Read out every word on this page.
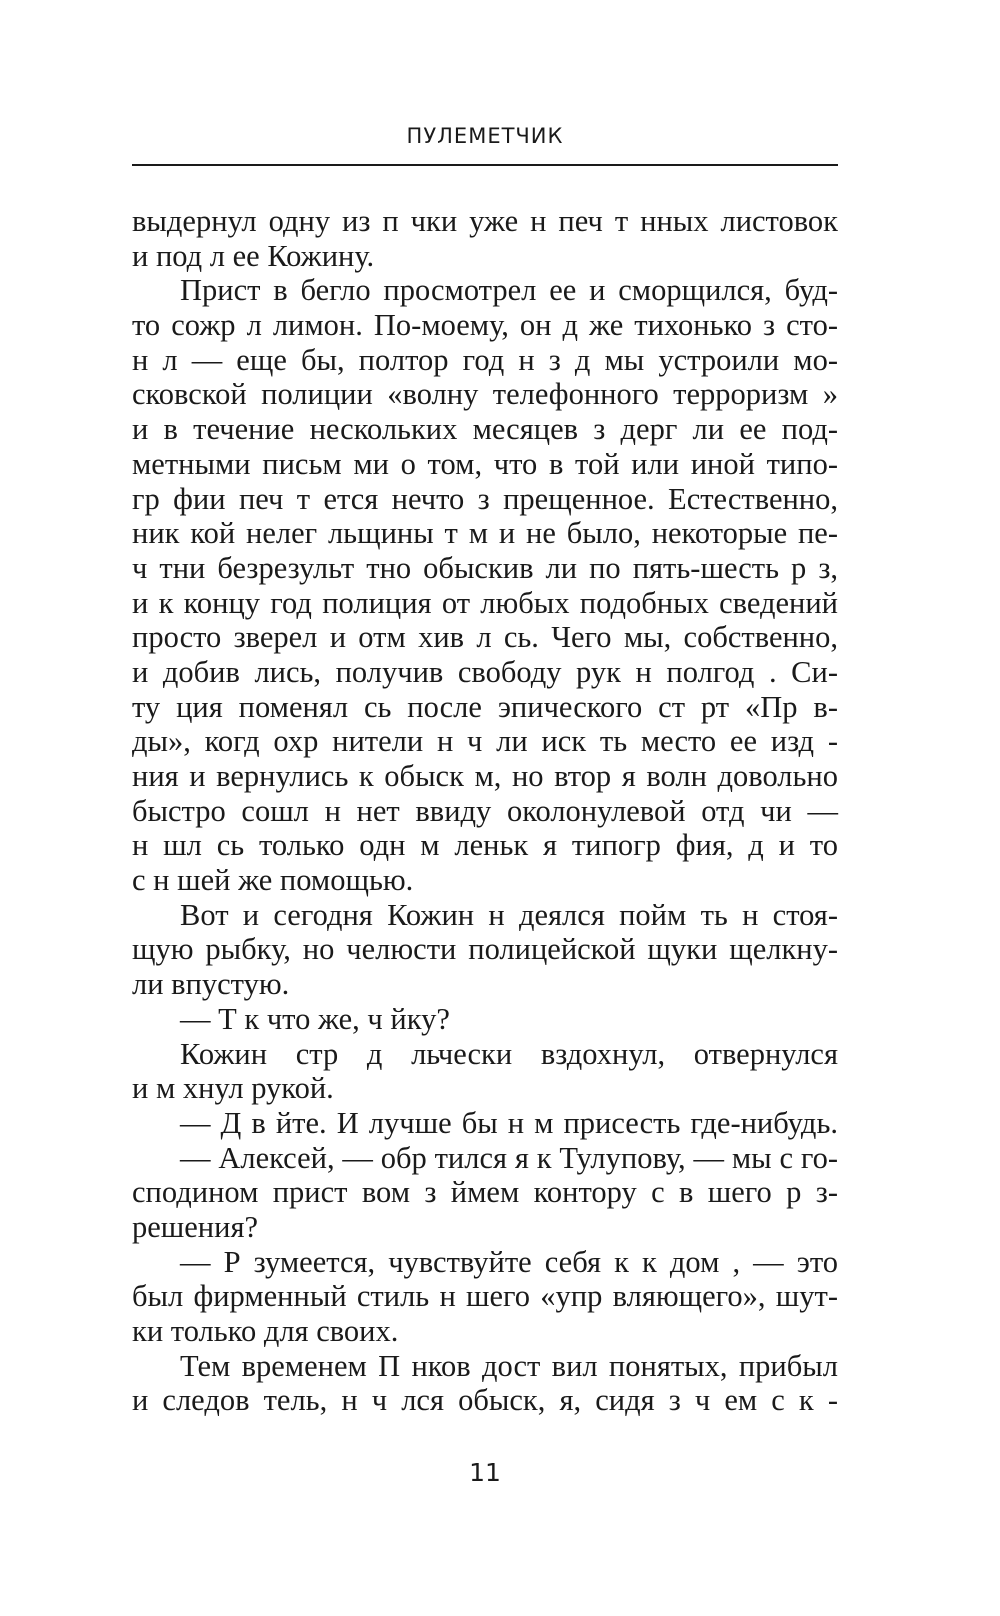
ПУЛЕМЕТЧИК
выдернул одну из п чки уже н печ т нных листовок
и под л ее Кожину.
Прист в бегло просмотрел ее и сморщился, буд-
то сожр л лимон. По-моему, он д же тихонько з сто-
н л — еще бы, полтор год н з д мы устроили мо-
сковской полиции «волну телефонного терроризм »
и в течение нескольких месяцев з дерг ли ее под-
метными письм ми о том, что в той или иной типо-
гр фии печ т ется нечто з прещенное. Естественно,
ник кой нелег льщины т м и не было, некоторые пе-
ч тни безрезульт тно обыскив ли по пять-шесть р з,
и к концу год полиция от любых подобных сведений
просто зверел и отм хив л сь. Чего мы, собственно,
и добив лись, получив свободу рук н полгод . Си-
ту ция поменял сь после эпического ст рт «Пр в-
ды», когд охр нители н ч ли иск ть место ее изд -
ния и вернулись к обыск м, но втор я волн довольно
быстро сошл н нет ввиду околонулевой отд чи —
н шл сь только одн м леньк я типогр фия, д и то
с н шей же помощью.
Вот и сегодня Кожин н деялся пойм ть н стоя-
щую рыбку, но челюсти полицейской щуки щелкну-
ли впустую.
— Т к что же, ч йку?
Кожин стр д льчески вздохнул, отвернулся
и м хнул рукой.
— Д в йте. И лучше бы н м присесть где-нибудь.
— Алексей, — обр тился я к Тулупову, — мы с го-
сподином прист вом з ймем контору с в шего р з-
решения?
— Р зумеется, чувствуйте себя к к дом , — это
был фирменный стиль н шего «упр вляющего», шут-
ки только для своих.
Тем временем П нков дост вил понятых, прибыл
и следов тель, н ч лся обыск, я, сидя з ч ем с к -
11
